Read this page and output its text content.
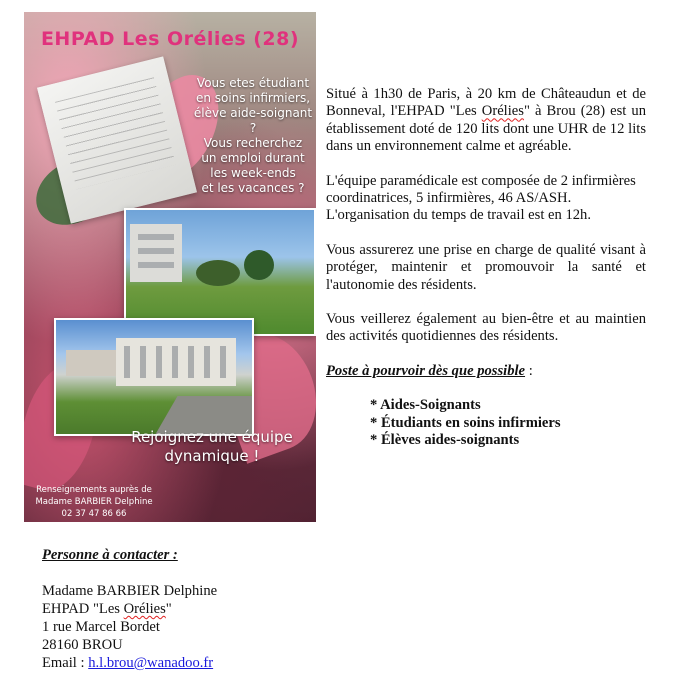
EHPAD Les Orélies (28)
Vous etes étudiant
en soins infirmiers,
élève aide-soignant ?
Vous recherchez
un emploi durant
les week-ends
et les vacances ?
Rejoignez une équipe
dynamique !
Renseignements auprès de
Madame BARBIER Delphine
02 37 47 86 66

Situé à 1h30 de Paris, à 20 km de Châteaudun et de Bonneval, l'EHPAD "Les Orélies" à Brou (28) est un établissement doté de 120 lits dont une UHR de 12 lits dans un environnement calme et agréable.

L'équipe paramédicale est composée de 2 infirmières coordinatrices, 5 infirmières, 46 AS/ASH. L'organisation du temps de travail est en 12h.

Vous assurerez une prise en charge de qualité visant à protéger, maintenir et promouvoir la santé et l'autonomie des résidents.

Vous veillerez également au bien-être et au maintien des activités quotidiennes des résidents.

Poste à pourvoir dès que possible :

* Aides-Soignants
* Étudiants en soins infirmiers
* Élèves aides-soignants
Personne à contacter :
Madame BARBIER Delphine
EHPAD "Les Orélies"
1 rue Marcel Bordet
28160 BROU
Email : h.l.brou@wanadoo.fr
